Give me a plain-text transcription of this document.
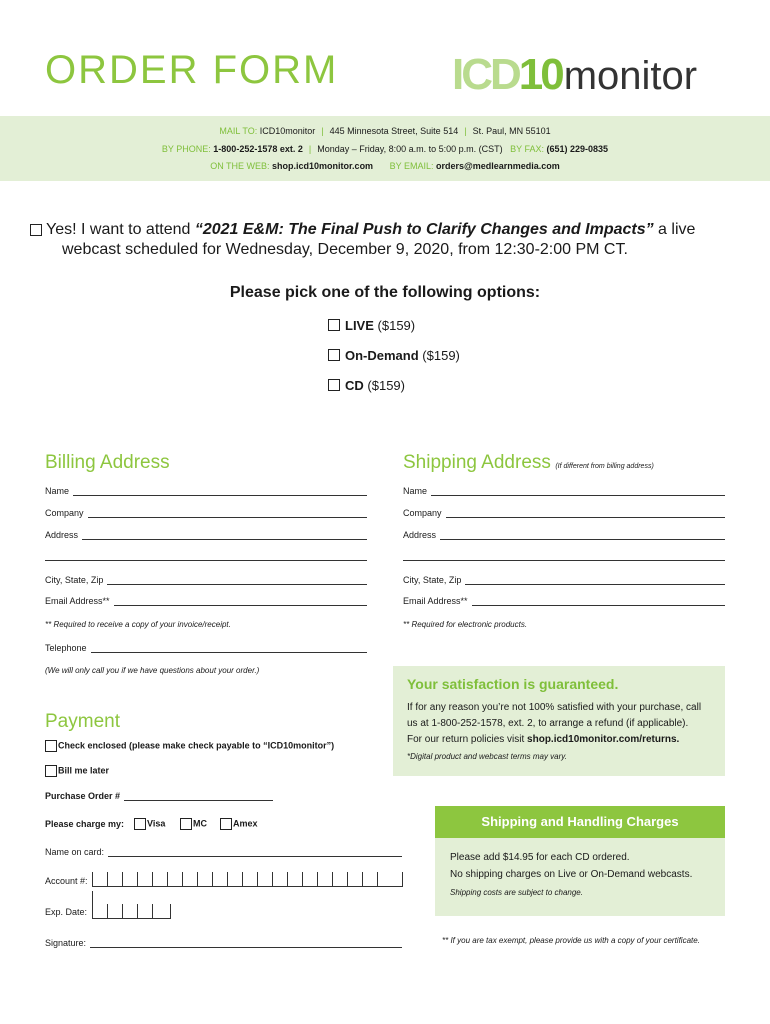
ORDER FORM	ICD10monitor
MAIL TO: ICD10monitor | 445 Minnesota Street, Suite 514 | St. Paul, MN 55101
BY PHONE: 1-800-252-1578 ext. 2 | Monday – Friday, 8:00 a.m. to 5:00 p.m. (CST) BY FAX: (651) 229-0835
ON THE WEB: shop.icd10monitor.com BY EMAIL: orders@medlearnmedia.com
Yes! I want to attend “2021 E&M: The Final Push to Clarify Changes and Impacts” a live
webcast scheduled for Wednesday, December 9, 2020, from 12:30-2:00 PM CT.
Please pick one of the following options:
LIVE ($159)
On-Demand ($159)
CD ($159)
Billing Address
Name
Company
Address
City, State, Zip
Email Address**
** Required to receive a copy of your invoice/receipt.
Telephone
(We will only call you if we have questions about your order.)
Shipping Address (If different from billing address)
Name
Company
Address
City, State, Zip
Email Address**
** Required for electronic products.
Your satisfaction is guaranteed.
If for any reason you’re not 100% satisfied with your purchase, call
us at 1-800-252-1578, ext. 2, to arrange a refund (if applicable).
For our return policies visit shop.icd10monitor.com/returns.
*Digital product and webcast terms may vary.
Payment
Check enclosed (please make check payable to “ICD10monitor”)
Bill me later
Purchase Order #
Please charge my:	Visa	MC	Amex
Name on card:
Account #:
Exp. Date:
Signature:
Shipping and Handling Charges
Please add $14.95 for each CD ordered.
No shipping charges on Live or On-Demand webcasts.
Shipping costs are subject to change.
** If you are tax exempt, please provide us with a copy of your certificate.
